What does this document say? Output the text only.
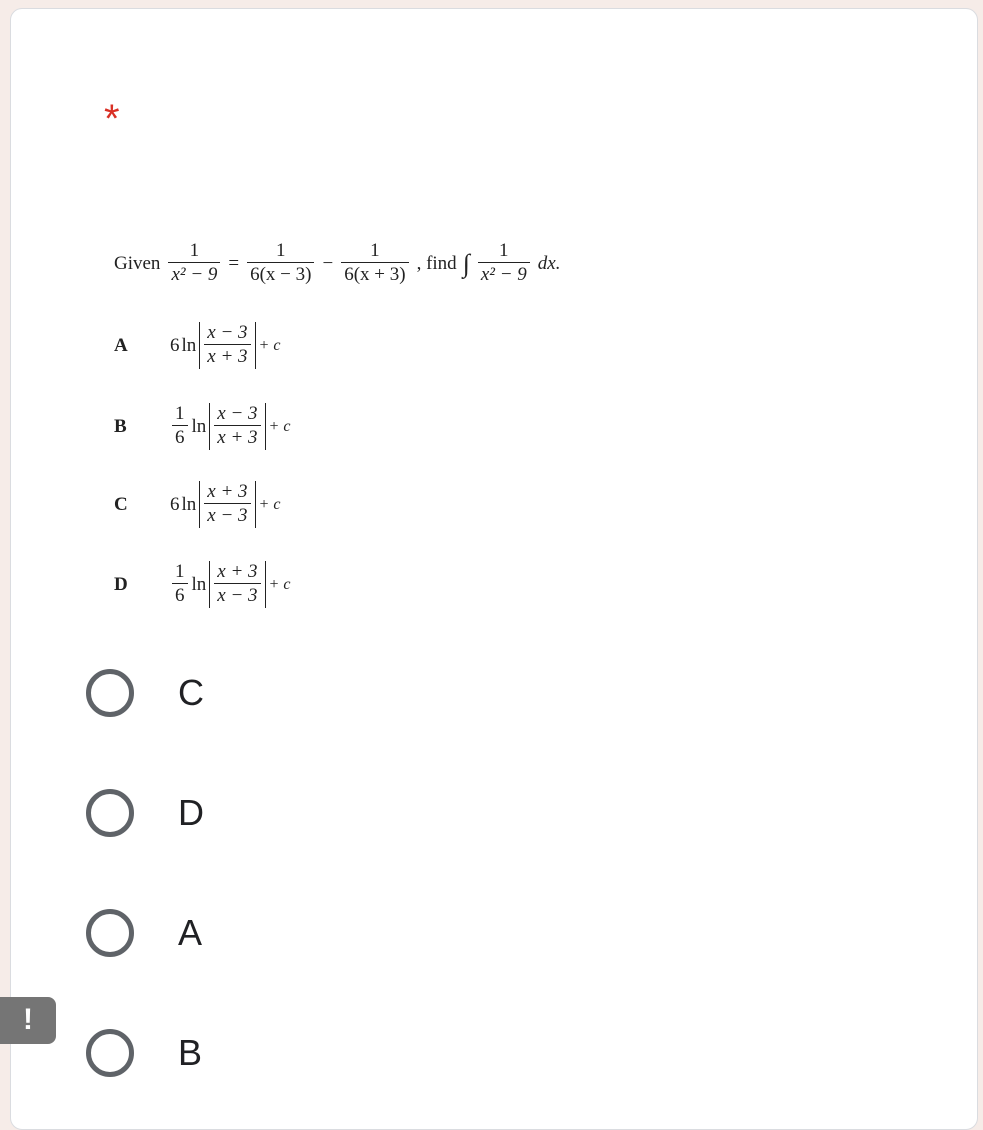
*
Given $\frac{1}{\text{x² − 9}} = \frac{1}{6(x - 3)} - \frac{1}{6(x + 3)}$ , find ∫ $\frac{1}{\text{x² − 9}}$ dx.
A	6 $\ln \frac{x - 3}{x + 3} + c$
B	$\frac{1}{6}$ $\ln \frac{x - 3}{x + 3} + c$
C	6 $\ln \frac{x + 3}{x - 3} + c$
D	$\frac{1}{6}$ $\ln \frac{x + 3}{x - 3} + c$
C
D
A
B
!
